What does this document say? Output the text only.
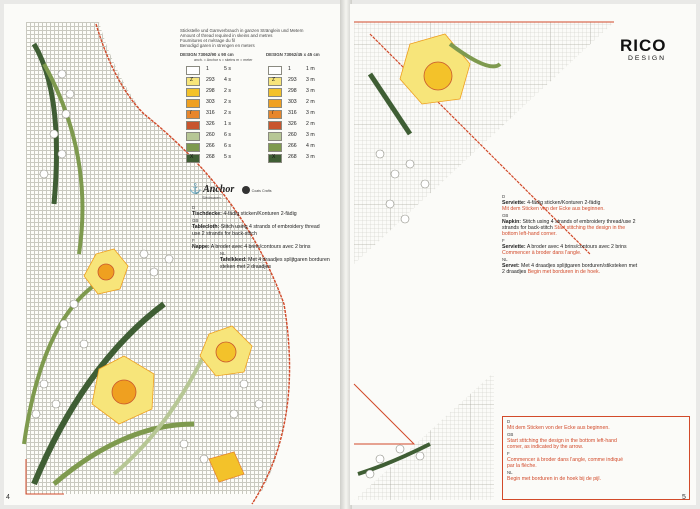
Stickstelle und Garnverbrauch in ganzen Stränglein und Metern
Amount of thread required in skeins and metres
Fournitures et métrage du fil
Benodigd garen in strengen en meters
DESIGN 73062/90 x 90 cm	DESIGN 73062/45 x 45 cm
anch. = Anchor s = skeins m = meter
1	5 s	1	1 m
Z 293 4 s	Z 293 3 m
298 2 s	298 3 m
303 2 s	303 2 m
/	316 2 s	/	316 3 m
326 1 s	326 2 m
260 6 s	260 3 m
266 6 s	266 4 m
X 268 5 s	X 268 3 m
⚓ Anchor	Coats Crafts
Stickwaren
D
Tischdecke: 4-fädig sticken/Konturen 2-fädig
GB
Tablecloth: Stitch using 4 strands of embroidery thread
use 2 strands for back-stitch
F
Nappe: A broder avec 4 brins/contours avec 2 brins
NL
Tafelkleed: Met 4 draadjes splijtgaren borduren
steken met 2 draadjes
4
RICO
DESIGN
D
Serviette: 4-fädig sticken/Konturen 2-fädig
Mit dem Sticken von der Ecke aus beginnen.
GB
Napkin: Stitch using 4 strands of embroidery thread/use 2
strands for back-stitch Start stitching the design in the
bottom left-hand corner.
F
Serviette: A broder avec 4 brins/contours avec 2 brins
Commencer à broder dans l'angle.
NL
Servet: Met 4 draadjes splijtgaren borduren/stiksteken met
2 draadjes Begin met borduren in de hoek.
D
Mit dem Sticken von der Ecke aus beginnen.
GB
Start stitching the design in the bottom left-hand
corner, as indicated by the arrow.
F
Commencer à broder dans l'angle, comme indiqué
par la flèche.
NL
Begin met borduren in de hoek bij de pijl.
5
